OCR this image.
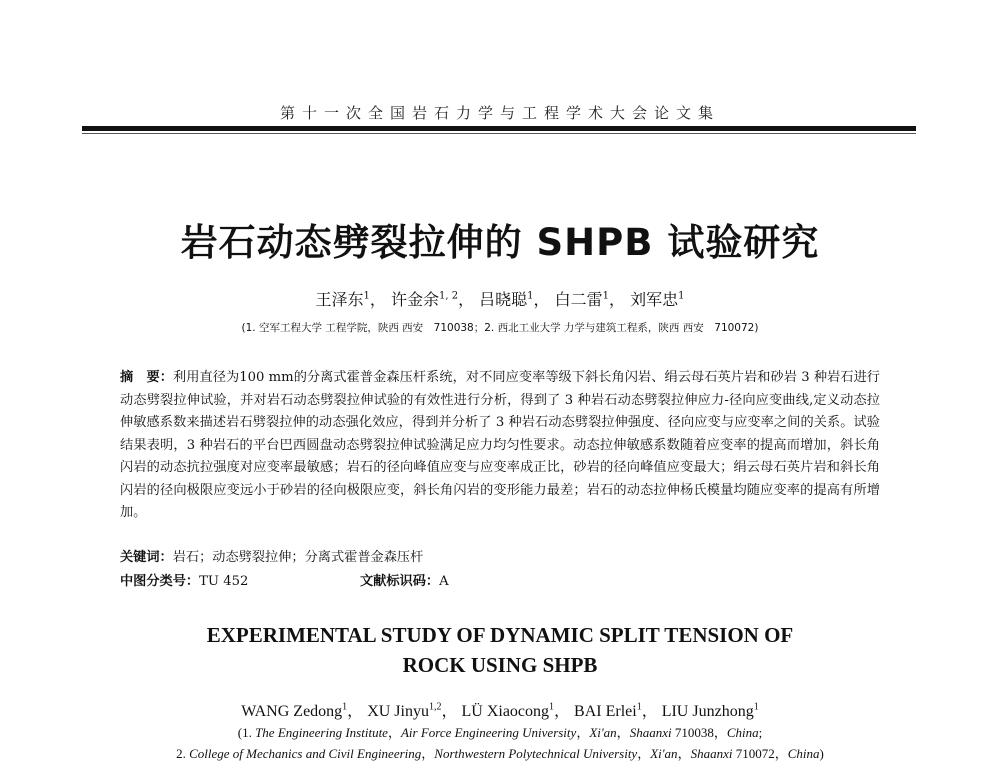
第十一次全国岩石力学与工程学术大会论文集
岩石动态劈裂拉伸的 SHPB 试验研究
王泽东$^1$， 许金余$^{1, 2}$， 吕晓聪$^1$， 白二雷$^1$， 刘军忠$^1$
(1. 空军工程大学 工程学院，陕西 西安　710038；2. 西北工业大学 力学与建筑工程系，陕西 西安　710072)
摘　要：利用直径为100 mm的分离式霍普金森压杆系统，对不同应变率等级下斜长角闪岩、绢云母石英片岩和砂岩 3 种岩石进行动态劈裂拉伸试验，并对岩石动态劈裂拉伸试验的有效性进行分析，得到了 3 种岩石动态劈裂拉伸应力-径向应变曲线,定义动态拉伸敏感系数来描述岩石劈裂拉伸的动态强化效应，得到并分析了 3 种岩石动态劈裂拉伸强度、径向应变与应变率之间的关系。试验结果表明，3 种岩石的平台巴西圆盘动态劈裂拉伸试验满足应力均匀性要求。动态拉伸敏感系数随着应变率的提高而增加，斜长角闪岩的动态抗拉强度对应变率最敏感；岩石的径向峰值应变与应变率成正比，砂岩的径向峰值应变最大；绢云母石英片岩和斜长角闪岩的径向极限应变远小于砂岩的径向极限应变，斜长角闪岩的变形能力最差；岩石的动态拉伸杨氏模量均随应变率的提高有所增加。
关键词：岩石；动态劈裂拉伸；分离式霍普金森压杆
中图分类号：TU 452	文献标识码：A
EXPERIMENTAL STUDY OF DYNAMIC SPLIT TENSION OF
ROCK USING SHPB
WANG Zedong$^1$， XU Jinyu$^{1,2}$， LÜ Xiaocong$^1$， BAI Erlei$^1$， LIU Junzhong$^1$
(1. The Engineering Institute，Air Force Engineering University，Xi'an，Shaanxi 710038，China;
2. College of Mechanics and Civil Engineering，Northwestern Polytechnical University，Xi'an，Shaanxi 710072，China)
